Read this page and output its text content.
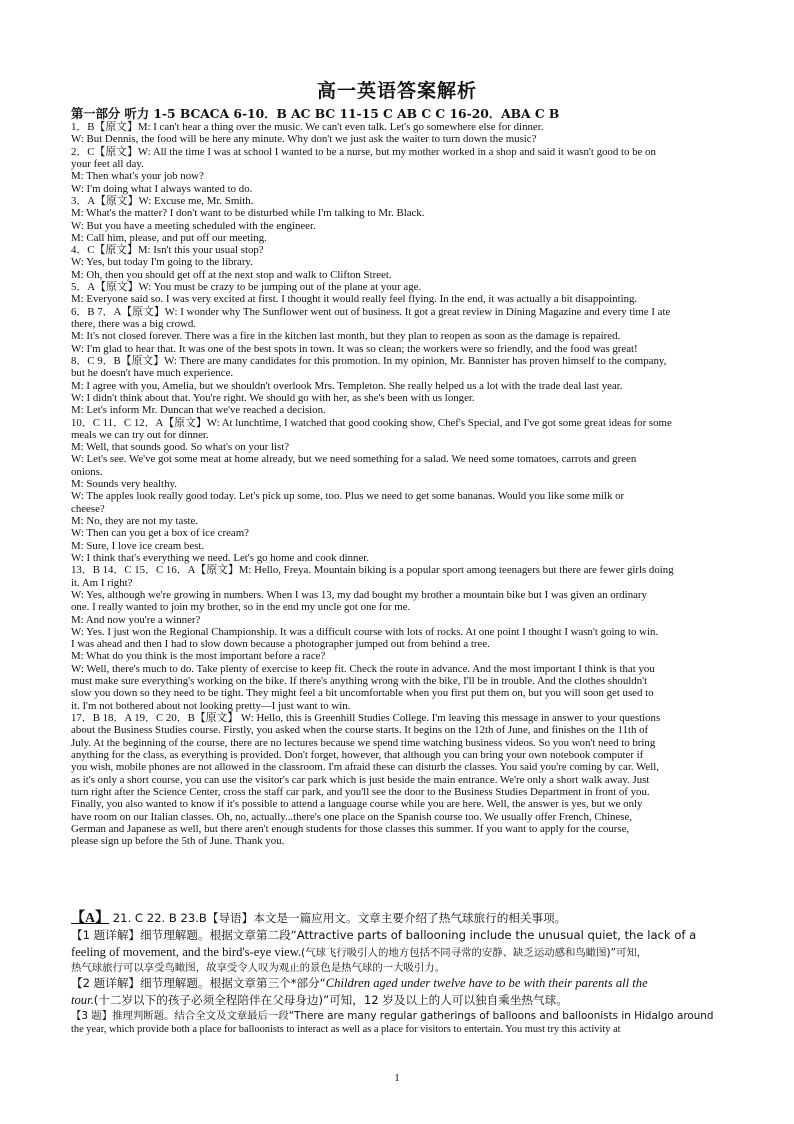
高一英语答案解析
第一部分 听力 1-5 BCACA 6-10．B AC BC 11-15 C AB C C 16-20．ABA C B
1．B【原文】M: I can't hear a thing over the music. We can't even talk. Let's go somewhere else for dinner.
W: But Dennis, the food will be here any minute. Why don't we just ask the waiter to turn down the music?
2．C【原文】W: All the time I was at school I wanted to be a nurse, but my mother worked in a shop and said it wasn't good to be on
your feet all day.
M: Then what's your job now?
W: I'm doing what I always wanted to do.
3．A【原文】W: Excuse me, Mr. Smith.
M: What's the matter? I don't want to be disturbed while I'm talking to Mr. Black.
W: But you have a meeting scheduled with the engineer.
M: Call him, please, and put off our meeting.
4．C【原文】M: Isn't this your usual stop?
W: Yes, but today I'm going to the library.
M: Oh, then you should get off at the next stop and walk to Clifton Street.
5．A【原文】W: You must be crazy to be jumping out of the plane at your age.
M: Everyone said so. I was very excited at first. I thought it would really feel flying. In the end, it was actually a bit disappointing.
6．B 7．A【原文】W: I wonder why The Sunflower went out of business. It got a great review in Dining Magazine and every time I ate
there, there was a big crowd.
M: It's not closed forever. There was a fire in the kitchen last month, but they plan to reopen as soon as the damage is repaired.
W: I'm glad to hear that. It was one of the best spots in town. It was so clean; the workers were so friendly, and the food was great!
8．C 9．B【原文】W: There are many candidates for this promotion. In my opinion, Mr. Bannister has proven himself to the company,
but he doesn't have much experience.
M: I agree with you, Amelia, but we shouldn't overlook Mrs. Templeton. She really helped us a lot with the trade deal last year.
W: I didn't think about that. You're right. We should go with her, as she's been with us longer.
M: Let's inform Mr. Duncan that we've reached a decision.
10．C 11．C 12．A【原文】W: At lunchtime, I watched that good cooking show, Chef's Special, and I've got some great ideas for some
meals we can try out for dinner.
M: Well, that sounds good. So what's on your list?
W: Let's see. We've got some meat at home already, but we need something for a salad. We need some tomatoes, carrots and green
onions.
M: Sounds very healthy.
W: The apples look really good today. Let's pick up some, too. Plus we need to get some bananas. Would you like some milk or
cheese?
M: No, they are not my taste.
W: Then can you get a box of ice cream?
M: Sure, I love ice cream best.
W: I think that's everything we need. Let's go home and cook dinner.
13．B 14．C 15．C 16．A【原文】M: Hello, Freya. Mountain biking is a popular sport among teenagers but there are fewer girls doing
it. Am I right?
W: Yes, although we're growing in numbers. When I was 13, my dad bought my brother a mountain bike but I was given an ordinary
one. I really wanted to join my brother, so in the end my uncle got one for me.
M: And now you're a winner?
W: Yes. I just won the Regional Championship. It was a difficult course with lots of rocks. At one point I thought I wasn't going to win.
I was ahead and then I had to slow down because a photographer jumped out from behind a tree.
M: What do you think is the most important before a race?
W: Well, there's much to do. Take plenty of exercise to keep fit. Check the route in advance. And the most important I think is that you
must make sure everything's working on the bike. If there's anything wrong with the bike, I'll be in trouble. And the clothes shouldn't
slow you down so they need to be tight. They might feel a bit uncomfortable when you first put them on, but you will soon get used to
it. I'm not bothered about not looking pretty—I just want to win.
17．B 18．A 19．C 20．B【原文】 W: Hello, this is Greenhill Studies College. I'm leaving this message in answer to your questions
about the Business Studies course. Firstly, you asked when the course starts. It begins on the 12th of June, and finishes on the 11th of
July. At the beginning of the course, there are no lectures because we spend time watching business videos. So you won't need to bring
anything for the class, as everything is provided. Don't forget, however, that although you can bring your own notebook computer if
you wish, mobile phones are not allowed in the classroom. I'm afraid these can disturb the classes. You said you're coming by car. Well,
as it's only a short course, you can use the visitor's car park which is just beside the main entrance. We're only a short walk away. Just
turn right after the Science Center, cross the staff car park, and you'll see the door to the Business Studies Department in front of you.
Finally, you also wanted to know if it's possible to attend a language course while you are here. Well, the answer is yes, but we only
have room on our Italian classes. Oh, no, actually...there's one place on the Spanish course too. We usually offer French, Chinese,
German and Japanese as well, but there aren't enough students for those classes this summer. If you want to apply for the course,
please sign up before the 5th of June. Thank you.
【A】 21. C 22. B 23.B【导语】本文是一篇应用文。文章主要介绍了热气球旅行的相关事项。
【1 题详解】细节理解题。根据文章第二段“Attractive parts of ballooning include the unusual quiet, the lack of a
feeling of movement, and the bird's-eye view.(气球飞行吸引人的地方包括不同寻常的安静、缺乏运动感和鸟瞰图)”可知，
热气球旅行可以享受鸟瞰图，故享受令人叹为观止的景色是热气球的一大吸引力。
【2 题详解】细节理解题。根据文章第三个*部分“Children aged under twelve have to be with their parents all the
tour.(十二岁以下的孩子必须全程陪伴在父母身边)”可知，12 岁及以上的人可以独自乘坐热气球。
【3 题】推理判断题。结合全文及文章最后一段“There are many regular gatherings of balloons and balloonists in Hidalgo around
the year, which provide both a place for balloonists to interact as well as a place for visitors to entertain. You must try this activity at
1
